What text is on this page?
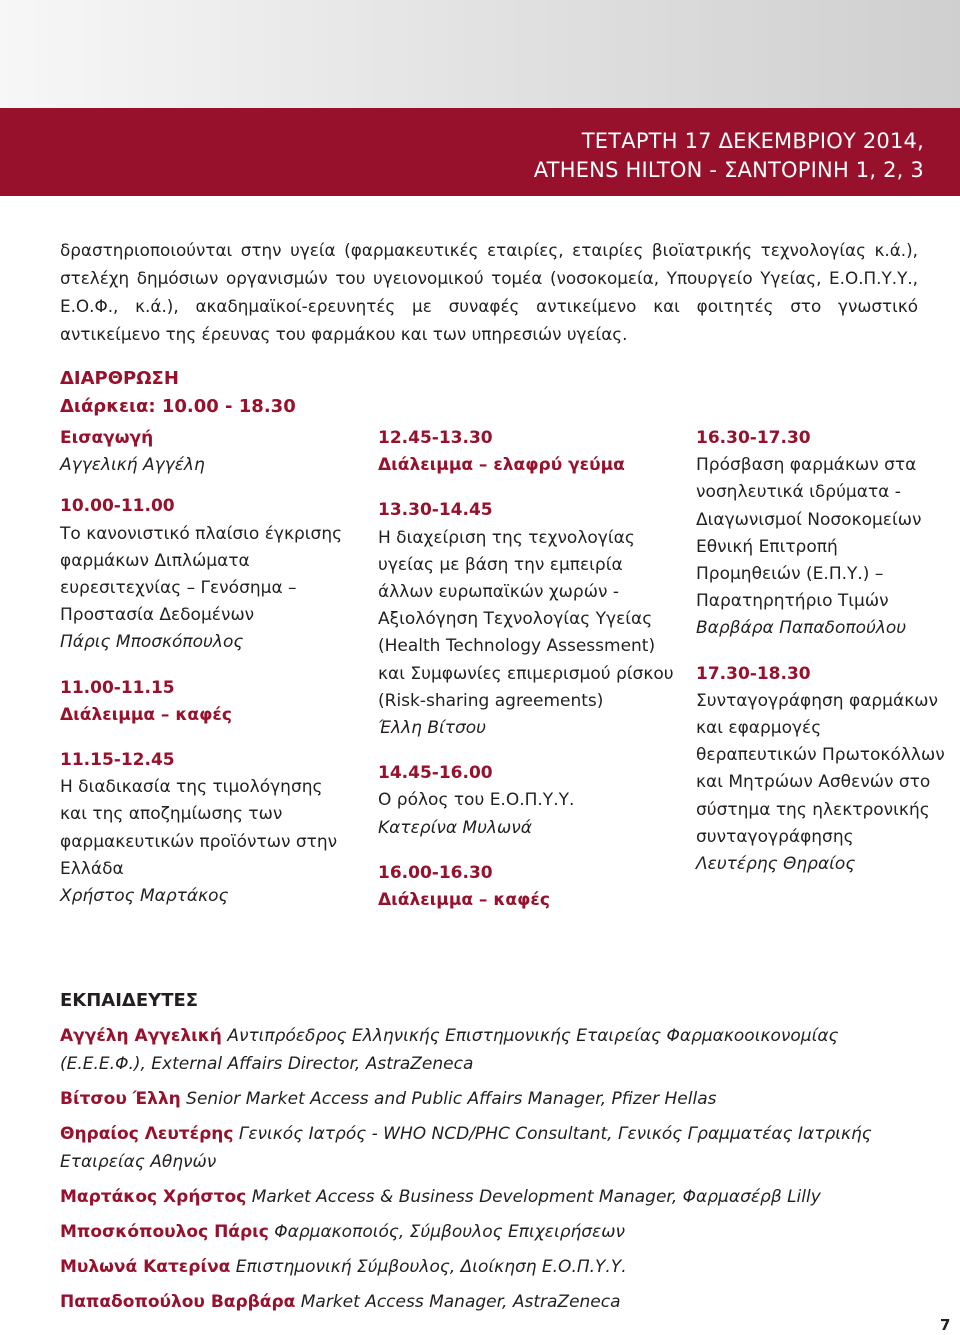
ΤΕΤΑΡΤΗ 17 ΔΕΚΕΜΒΡΙΟΥ 2014,
ATHENS HILTON - ΣΑΝΤΟΡΙΝΗ 1, 2, 3

δραστηριοποιούνται στην υγεία (φαρμακευτικές εταιρίες, εταιρίες βιοϊατρικής τεχνολογίας κ.ά.), στελέχη δημόσιων οργανισμών του υγειονομικού τομέα (νοσοκομεία, Υπουργείο Υγείας, Ε.Ο.Π.Υ.Υ., Ε.Ο.Φ., κ.ά.), ακαδημαϊκοί-ερευνητές με συναφές αντικείμενο και φοιτητές στο γνωστικό αντικείμενο της έρευνας του φαρμάκου και των υπηρεσιών υγείας.

ΔΙΑΡΘΡΩΣΗ
Διάρκεια: 10.00 - 18.30
Εισαγωγή
Αγγελική Αγγέλη
10.00-11.00
Το κανονιστικό πλαίσιο έγκρισης φαρμάκων Διπλώματα ευρεσιτεχνίας – Γενόσημα – Προστασία Δεδομένων
Πάρις Μποσκόπουλος
11.00-11.15
Διάλειμμα – καφές
11.15-12.45
Η διαδικασία της τιμολόγησης και της αποζημίωσης των φαρμακευτικών προϊόντων στην Ελλάδα
Χρήστος Μαρτάκος
12.45-13.30
Διάλειμμα – ελαφρύ γεύμα
13.30-14.45
Η διαχείριση της τεχνολογίας υγείας με βάση την εμπειρία άλλων ευρωπαϊκών χωρών - Αξιολόγηση Τεχνολογίας Υγείας (Health Technology Assessment) και Συμφωνίες επιμερισμού ρίσκου (Risk-sharing agreements)
Έλλη Βίτσου
14.45-16.00
Ο ρόλος του Ε.Ο.Π.Υ.Υ.
Κατερίνα Μυλωνά
16.00-16.30
Διάλειμμα – καφές
16.30-17.30
Πρόσβαση φαρμάκων στα νοσηλευτικά ιδρύματα - Διαγωνισμοί Νοσοκομείων Εθνική Επιτροπή Προμηθειών (Ε.Π.Υ.) – Παρατηρητήριο Τιμών
Βαρβάρα Παπαδοπούλου
17.30-18.30
Συνταγογράφηση φαρμάκων και εφαρμογές θεραπευτικών Πρωτοκόλλων και Μητρώων Ασθενών στο σύστημα της ηλεκτρονικής συνταγογράφησης
Λευτέρης Θηραίος
ΕΚΠΑΙΔΕΥΤΕΣ
Αγγέλη Αγγελική Αντιπρόεδρος Ελληνικής Επιστημονικής Εταιρείας Φαρμακοοικονομίας (Ε.Ε.Ε.Φ.), External Affairs Director, AstraZeneca
Βίτσου Έλλη Senior Market Access and Public Affairs Manager, Pfizer Hellas
Θηραίος Λευτέρης Γενικός Ιατρός - WHO NCD/PHC Consultant, Γενικός Γραμματέας Ιατρικής Εταιρείας Αθηνών
Μαρτάκος Χρήστος Market Access & Business Development Manager, Φαρμασέρβ Lilly
Μποσκόπουλος Πάρις Φαρμακοποιός, Σύμβουλος Επιχειρήσεων
Μυλωνά Κατερίνα Επιστημονική Σύμβουλος, Διοίκηση Ε.Ο.Π.Υ.Υ.
Παπαδοπούλου Βαρβάρα Market Access Manager, AstraZeneca
7
